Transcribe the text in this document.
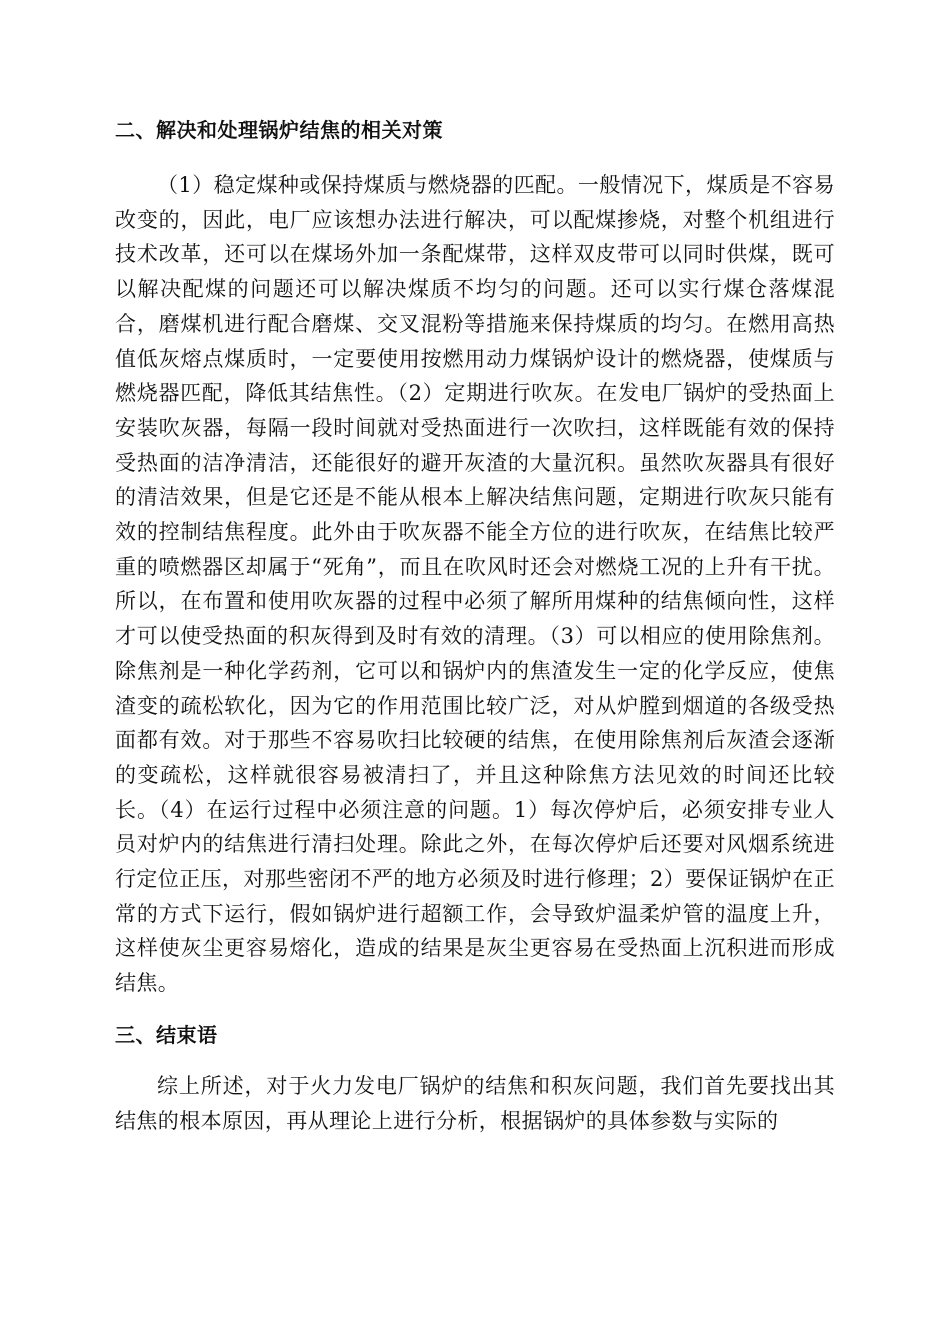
二、解决和处理锅炉结焦的相关对策

（1）稳定煤种或保持煤质与燃烧器的匹配。一般情况下，煤质是不容易改变的，因此，电厂应该想办法进行解决，可以配煤掺烧，对整个机组进行技术改革，还可以在煤场外加一条配煤带，这样双皮带可以同时供煤，既可以解决配煤的问题还可以解决煤质不均匀的问题。还可以实行煤仓落煤混合，磨煤机进行配合磨煤、交叉混粉等措施来保持煤质的均匀。在燃用高热值低灰熔点煤质时，一定要使用按燃用动力煤锅炉设计的燃烧器，使煤质与燃烧器匹配，降低其结焦性。（2）定期进行吹灰。在发电厂锅炉的受热面上安装吹灰器，每隔一段时间就对受热面进行一次吹扫，这样既能有效的保持受热面的洁净清洁，还能很好的避开灰渣的大量沉积。虽然吹灰器具有很好的清洁效果，但是它还是不能从根本上解决结焦问题，定期进行吹灰只能有效的控制结焦程度。此外由于吹灰器不能全方位的进行吹灰，在结焦比较严重的喷燃器区却属于“死角”，而且在吹风时还会对燃烧工况的上升有干扰。所以，在布置和使用吹灰器的过程中必须了解所用煤种的结焦倾向性，这样才可以使受热面的积灰得到及时有效的清理。（3）可以相应的使用除焦剂。除焦剂是一种化学药剂，它可以和锅炉内的焦渣发生一定的化学反应，使焦渣变的疏松软化，因为它的作用范围比较广泛，对从炉膛到烟道的各级受热面都有效。对于那些不容易吹扫比较硬的结焦，在使用除焦剂后灰渣会逐渐的变疏松，这样就很容易被清扫了，并且这种除焦方法见效的时间还比较长。（4）在运行过程中必须注意的问题。1）每次停炉后，必须安排专业人员对炉内的结焦进行清扫处理。除此之外，在每次停炉后还要对风烟系统进行定位正压，对那些密闭不严的地方必须及时进行修理；2）要保证锅炉在正常的方式下运行，假如锅炉进行超额工作，会导致炉温柔炉管的温度上升，这样使灰尘更容易熔化，造成的结果是灰尘更容易在受热面上沉积进而形成结焦。

三、结束语

综上所述，对于火力发电厂锅炉的结焦和积灰问题，我们首先要找出其结焦的根本原因，再从理论上进行分析，根据锅炉的具体参数与实际的
